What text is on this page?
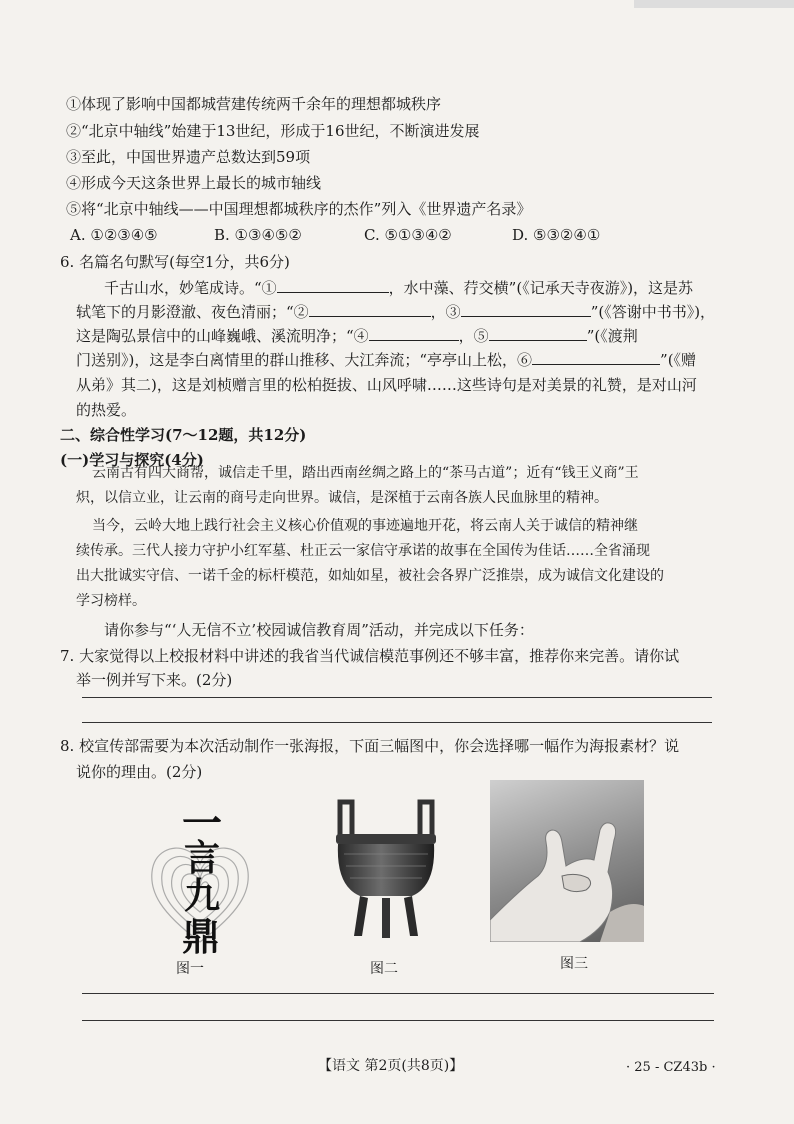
①体现了影响中国都城营建传统两千余年的理想都城秩序
②“北京中轴线”始建于13世纪，形成于16世纪，不断演进发展
③至此，中国世界遗产总数达到59项
④形成今天这条世界上最长的城市轴线
⑤将“北京中轴线——中国理想都城秩序的杰作”列入《世界遗产名录》
A. ①②③④⑤	B. ①③④⑤②	C. ⑤①③④②	D. ⑤③②④①
6. 名篇名句默写(每空1分，共6分)
千古山水，妙笔成诗。“①	，水中藻、荇交横”(《记承天寺夜游》)，这是苏
轼笔下的月影澄澈、夜色清丽；“②	，③	”(《答谢中书书》)，
这是陶弘景信中的山峰巍峨、溪流明净；“④	，⑤	”(《渡荆
门送别》)，这是李白离情里的群山推移、大江奔流；“亭亭山上松，⑥	”(《赠
从弟》其二)，这是刘桢赠言里的松柏挺拔、山风呼啸……这些诗句是对美景的礼赞，是对山河
的热爱。
二、综合性学习(7～12题，共12分)
(一)学习与探究(4分)
云南古有四大商帮，诚信走千里，踏出西南丝绸之路上的“茶马古道”；近有“钱王义商”王
炽，以信立业，让云南的商号走向世界。诚信，是深植于云南各族人民血脉里的精神。
当今，云岭大地上践行社会主义核心价值观的事迹遍地开花，将云南人关于诚信的精神继
续传承。三代人接力守护小红军墓、杜正云一家信守承诺的故事在全国传为佳话……全省涌现
出大批诚实守信、一诺千金的标杆模范，如灿如星，被社会各界广泛推崇，成为诚信文化建设的
学习榜样。
请你参与“‘人无信不立’校园诚信教育周”活动，并完成以下任务：
7. 大家觉得以上校报材料中讲述的我省当代诚信模范事例还不够丰富，推荐你来完善。请你试
举一例并写下来。(2分)
8. 校宣传部需要为本次活动制作一张海报，下面三幅图中，你会选择哪一幅作为海报素材？说
说你的理由。(2分)
一
言
九
鼎
图一	图二	图三
【语文 第2页(共8页)】	· 25 - CZ43b ·
